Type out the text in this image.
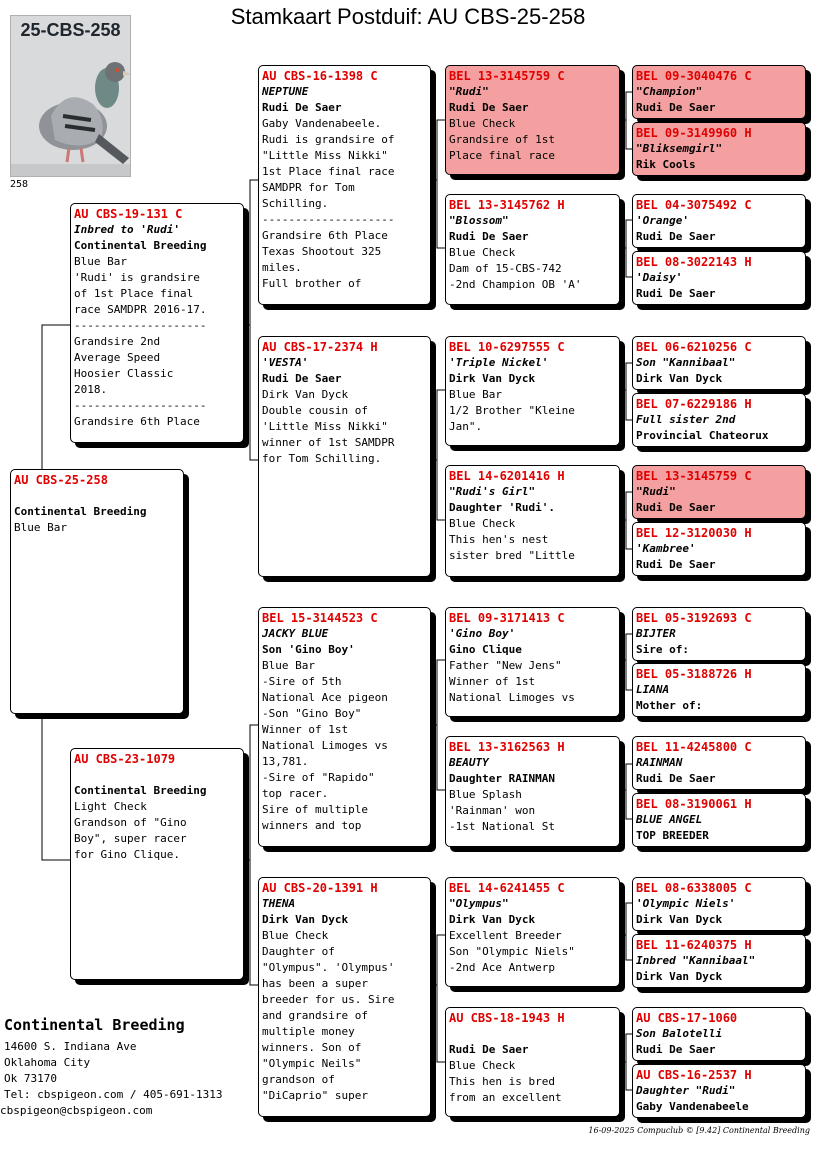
Stamkaart Postduif: AU CBS-25-258
25-CBS-258
258
AU CBS-25-258

Continental Breeding
Blue Bar
AU CBS-19-131 C
Inbred to 'Rudi'
Continental Breeding
Blue Bar
'Rudi' is grandsire
of 1st Place final
race SAMDPR 2016-17.
--------------------
Grandsire 2nd
Average Speed
Hoosier Classic
2018.
--------------------
Grandsire 6th Place
AU CBS-23-1079

Continental Breeding
Light Check
Grandson of "Gino
Boy", super racer
for Gino Clique.
AU CBS-16-1398 C
NEPTUNE
Rudi De Saer
Gaby Vandenabeele.
Rudi is grandsire of
"Little Miss Nikki"
1st Place final race
SAMDPR for Tom
Schilling.
--------------------
Grandsire 6th Place
Texas Shootout 325
miles.
Full brother of
AU CBS-17-2374 H
'VESTA'
Rudi De Saer
Dirk Van Dyck
Double cousin of
'Little Miss Nikki"
winner of 1st SAMDPR
for Tom Schilling.
BEL 15-3144523 C
JACKY BLUE
Son 'Gino Boy'
Blue Bar
-Sire of 5th
National Ace pigeon
-Son "Gino Boy"
Winner of 1st
National Limoges vs
13,781.
-Sire of "Rapido"
top racer.
Sire of multiple
winners and top
AU CBS-20-1391 H
THENA
Dirk Van Dyck
Blue Check
Daughter of
"Olympus". 'Olympus'
has been a super
breeder for us. Sire
and grandsire of
multiple money
winners. Son of
"Olympic Neils"
grandson of
"DiCaprio" super
BEL 13-3145759 C
"Rudi"
Rudi De Saer
Blue Check
Grandsire of 1st
Place final race
BEL 13-3145762 H
"Blossom"
Rudi De Saer
Blue Check
Dam of 15-CBS-742
-2nd Champion OB 'A'
BEL 10-6297555 C
'Triple Nickel'
Dirk Van Dyck
Blue Bar
1/2 Brother "Kleine
Jan".
BEL 14-6201416 H
"Rudi's Girl"
Daughter 'Rudi'.
Blue Check
This hen's nest
sister bred "Little
BEL 09-3171413 C
'Gino Boy'
Gino Clique
Father "New Jens"
Winner of 1st
National Limoges vs
BEL 13-3162563 H
BEAUTY
Daughter RAINMAN
Blue Splash
'Rainman' won
-1st National St
BEL 14-6241455 C
"Olympus"
Dirk Van Dyck
Excellent Breeder
Son "Olympic Niels"
-2nd Ace Antwerp
AU CBS-18-1943 H

Rudi De Saer
Blue Check
This hen is bred
from an excellent
BEL 09-3040476 C
"Champion"
Rudi De Saer
BEL 09-3149960 H
"Bliksemgirl"
Rik Cools
BEL 04-3075492 C
'Orange'
Rudi De Saer
BEL 08-3022143 H
'Daisy'
Rudi De Saer
BEL 06-6210256 C
Son "Kannibaal"
Dirk Van Dyck
BEL 07-6229186 H
Full sister 2nd
Provincial Chateorux
BEL 13-3145759 C
"Rudi"
Rudi De Saer
BEL 12-3120030 H
'Kambree'
Rudi De Saer
BEL 05-3192693 C
BIJTER
Sire of:
BEL 05-3188726 H
LIANA
Mother of:
BEL 11-4245800 C
RAINMAN
Rudi De Saer
BEL 08-3190061 H
BLUE ANGEL
TOP BREEDER
BEL 08-6338005 C
'Olympic Niels'
Dirk Van Dyck
BEL 11-6240375 H
Inbred "Kannibaal"
Dirk Van Dyck
AU CBS-17-1060
Son Balotelli
Rudi De Saer
AU CBS-16-2537 H
Daughter "Rudi"
Gaby Vandenabeele
Continental Breeding
14600 S. Indiana Ave
Oklahoma City
Ok 73170
Tel: cbspigeon.com / 405-691-1313
cbspigeon@cbspigeon.com
16-09-2025 Compuclub © [9.42] Continental Breeding
